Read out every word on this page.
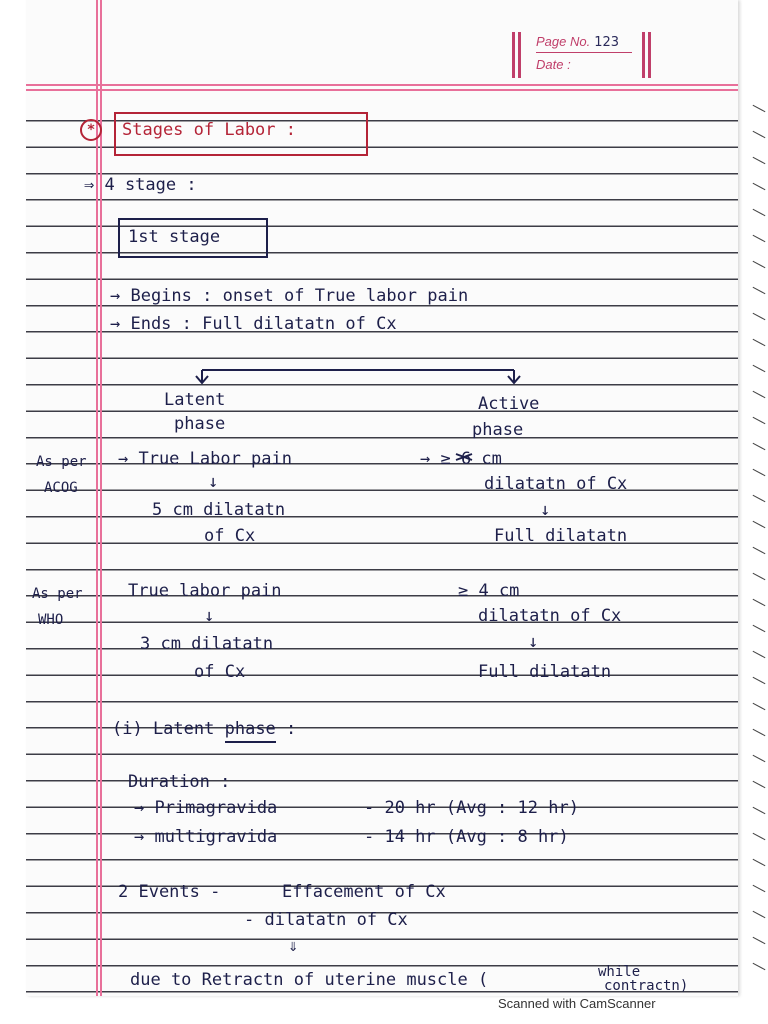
Page No. 123
Date :
*	Stages of Labor :
⇒ 4 stage :
1st stage
→ Begins : onset of True labor pain
→ Ends : Full dilatatn of Cx
Latent
phase
Active
phase
As per
ACOG
→ True Labor pain
↓
5 cm dilatatn
of Cx
→ ≥ 6 cm
dilatatn of Cx
↓
Full dilatatn
As per
WHO
True labor pain
↓
3 cm dilatatn
of Cx
≥ 4 cm
dilatatn of Cx
↓
Full dilatatn
(i) Latent phase :
Duration :
→ Primagravida	- 20 hr (Avg : 12 hr)
→ multigravida	- 14 hr (Avg : 8 hr)
2 Events -	Effacement of Cx
- dilatatn of Cx
⇓
due to Retractn of uterine muscle (	while
contractn)
Scanned with CamScanner
